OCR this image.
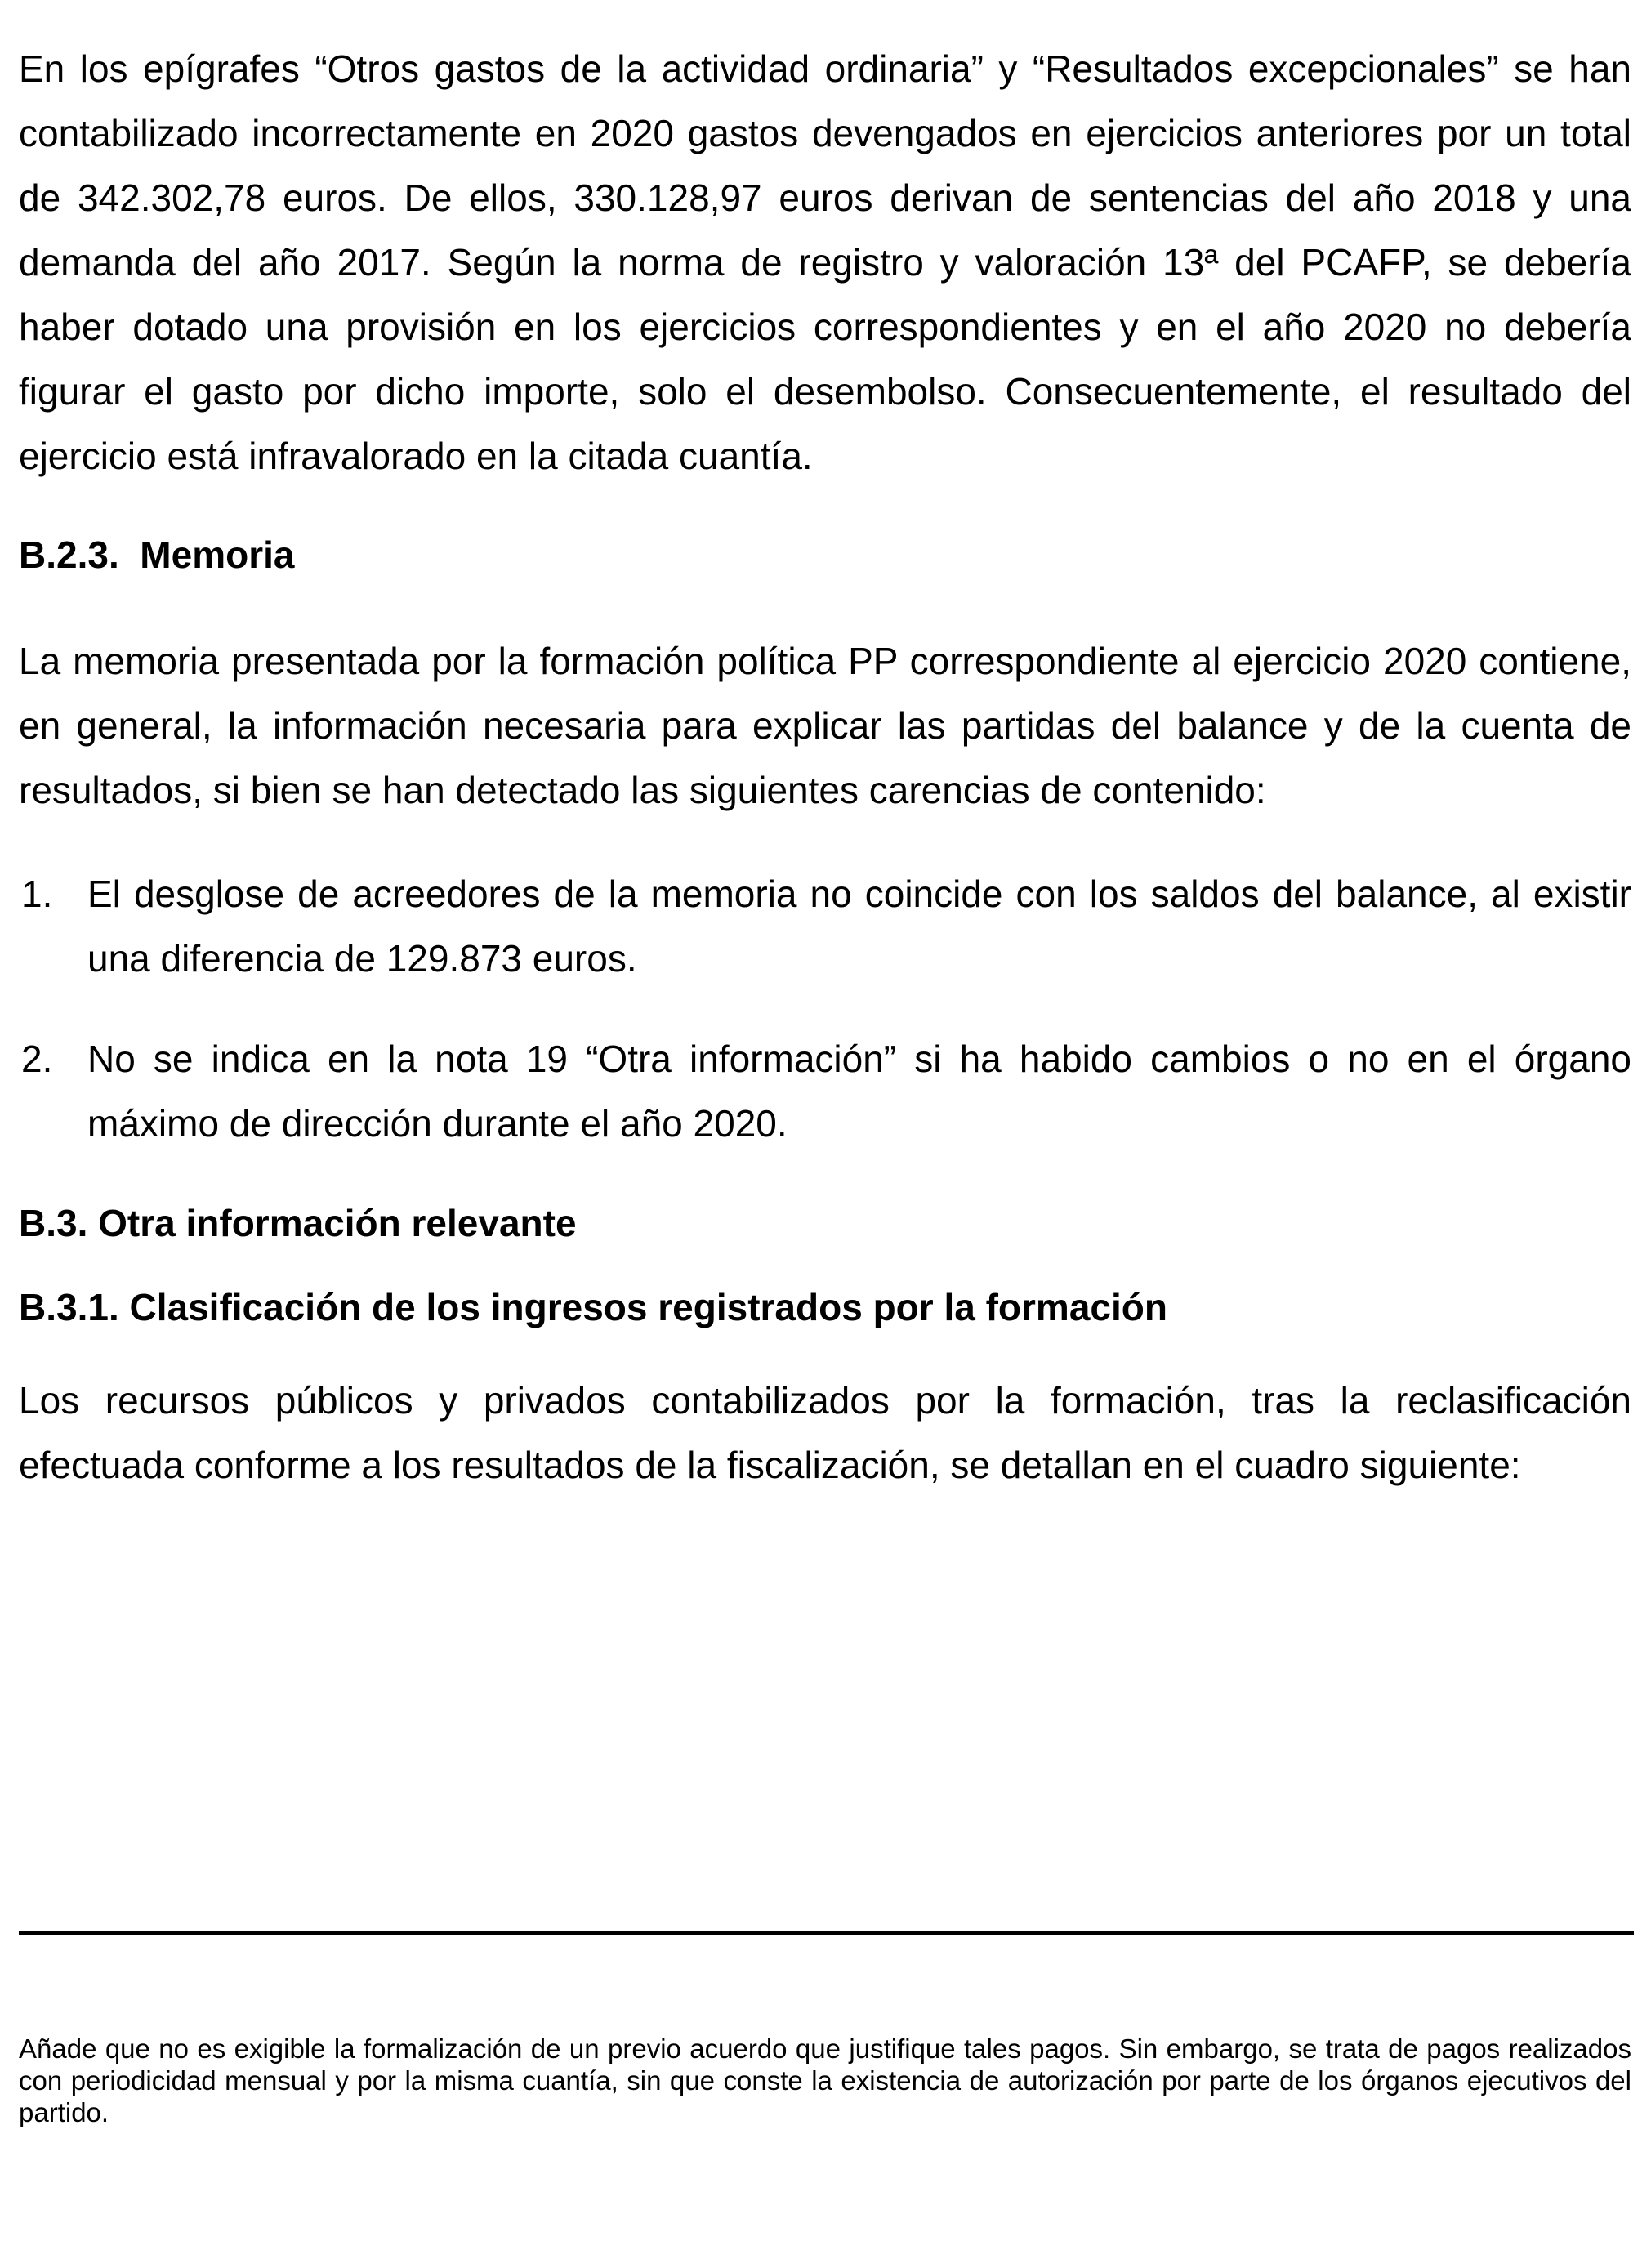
En los epígrafes “Otros gastos de la actividad ordinaria” y “Resultados excepcionales” se han contabilizado incorrectamente en 2020 gastos devengados en ejercicios anteriores por un total de 342.302,78 euros. De ellos, 330.128,97 euros derivan de sentencias del año 2018 y una demanda del año 2017. Según la norma de registro y valoración 13ª del PCAFP, se debería haber dotado una provisión en los ejercicios correspondientes y en el año 2020 no debería figurar el gasto por dicho importe, solo el desembolso. Consecuentemente, el resultado del ejercicio está infravalorado en la citada cuantía.

B.2.3.  Memoria

La memoria presentada por la formación política PP correspondiente al ejercicio 2020 contiene, en general, la información necesaria para explicar las partidas del balance y de la cuenta de resultados, si bien se han detectado las siguientes carencias de contenido:

1. El desglose de acreedores de la memoria no coincide con los saldos del balance, al existir una diferencia de 129.873 euros.
2. No se indica en la nota 19 “Otra información” si ha habido cambios o no en el órgano máximo de dirección durante el año 2020.
B.3. Otra información relevante
B.3.1. Clasificación de los ingresos registrados por la formación

Los recursos públicos y privados contabilizados por la formación, tras la reclasificación efectuada conforme a los resultados de la fiscalización, se detallan en el cuadro siguiente:

Añade que no es exigible la formalización de un previo acuerdo que justifique tales pagos. Sin embargo, se trata de pagos realizados con periodicidad mensual y por la misma cuantía, sin que conste la existencia de autorización por parte de los órganos ejecutivos del partido.
